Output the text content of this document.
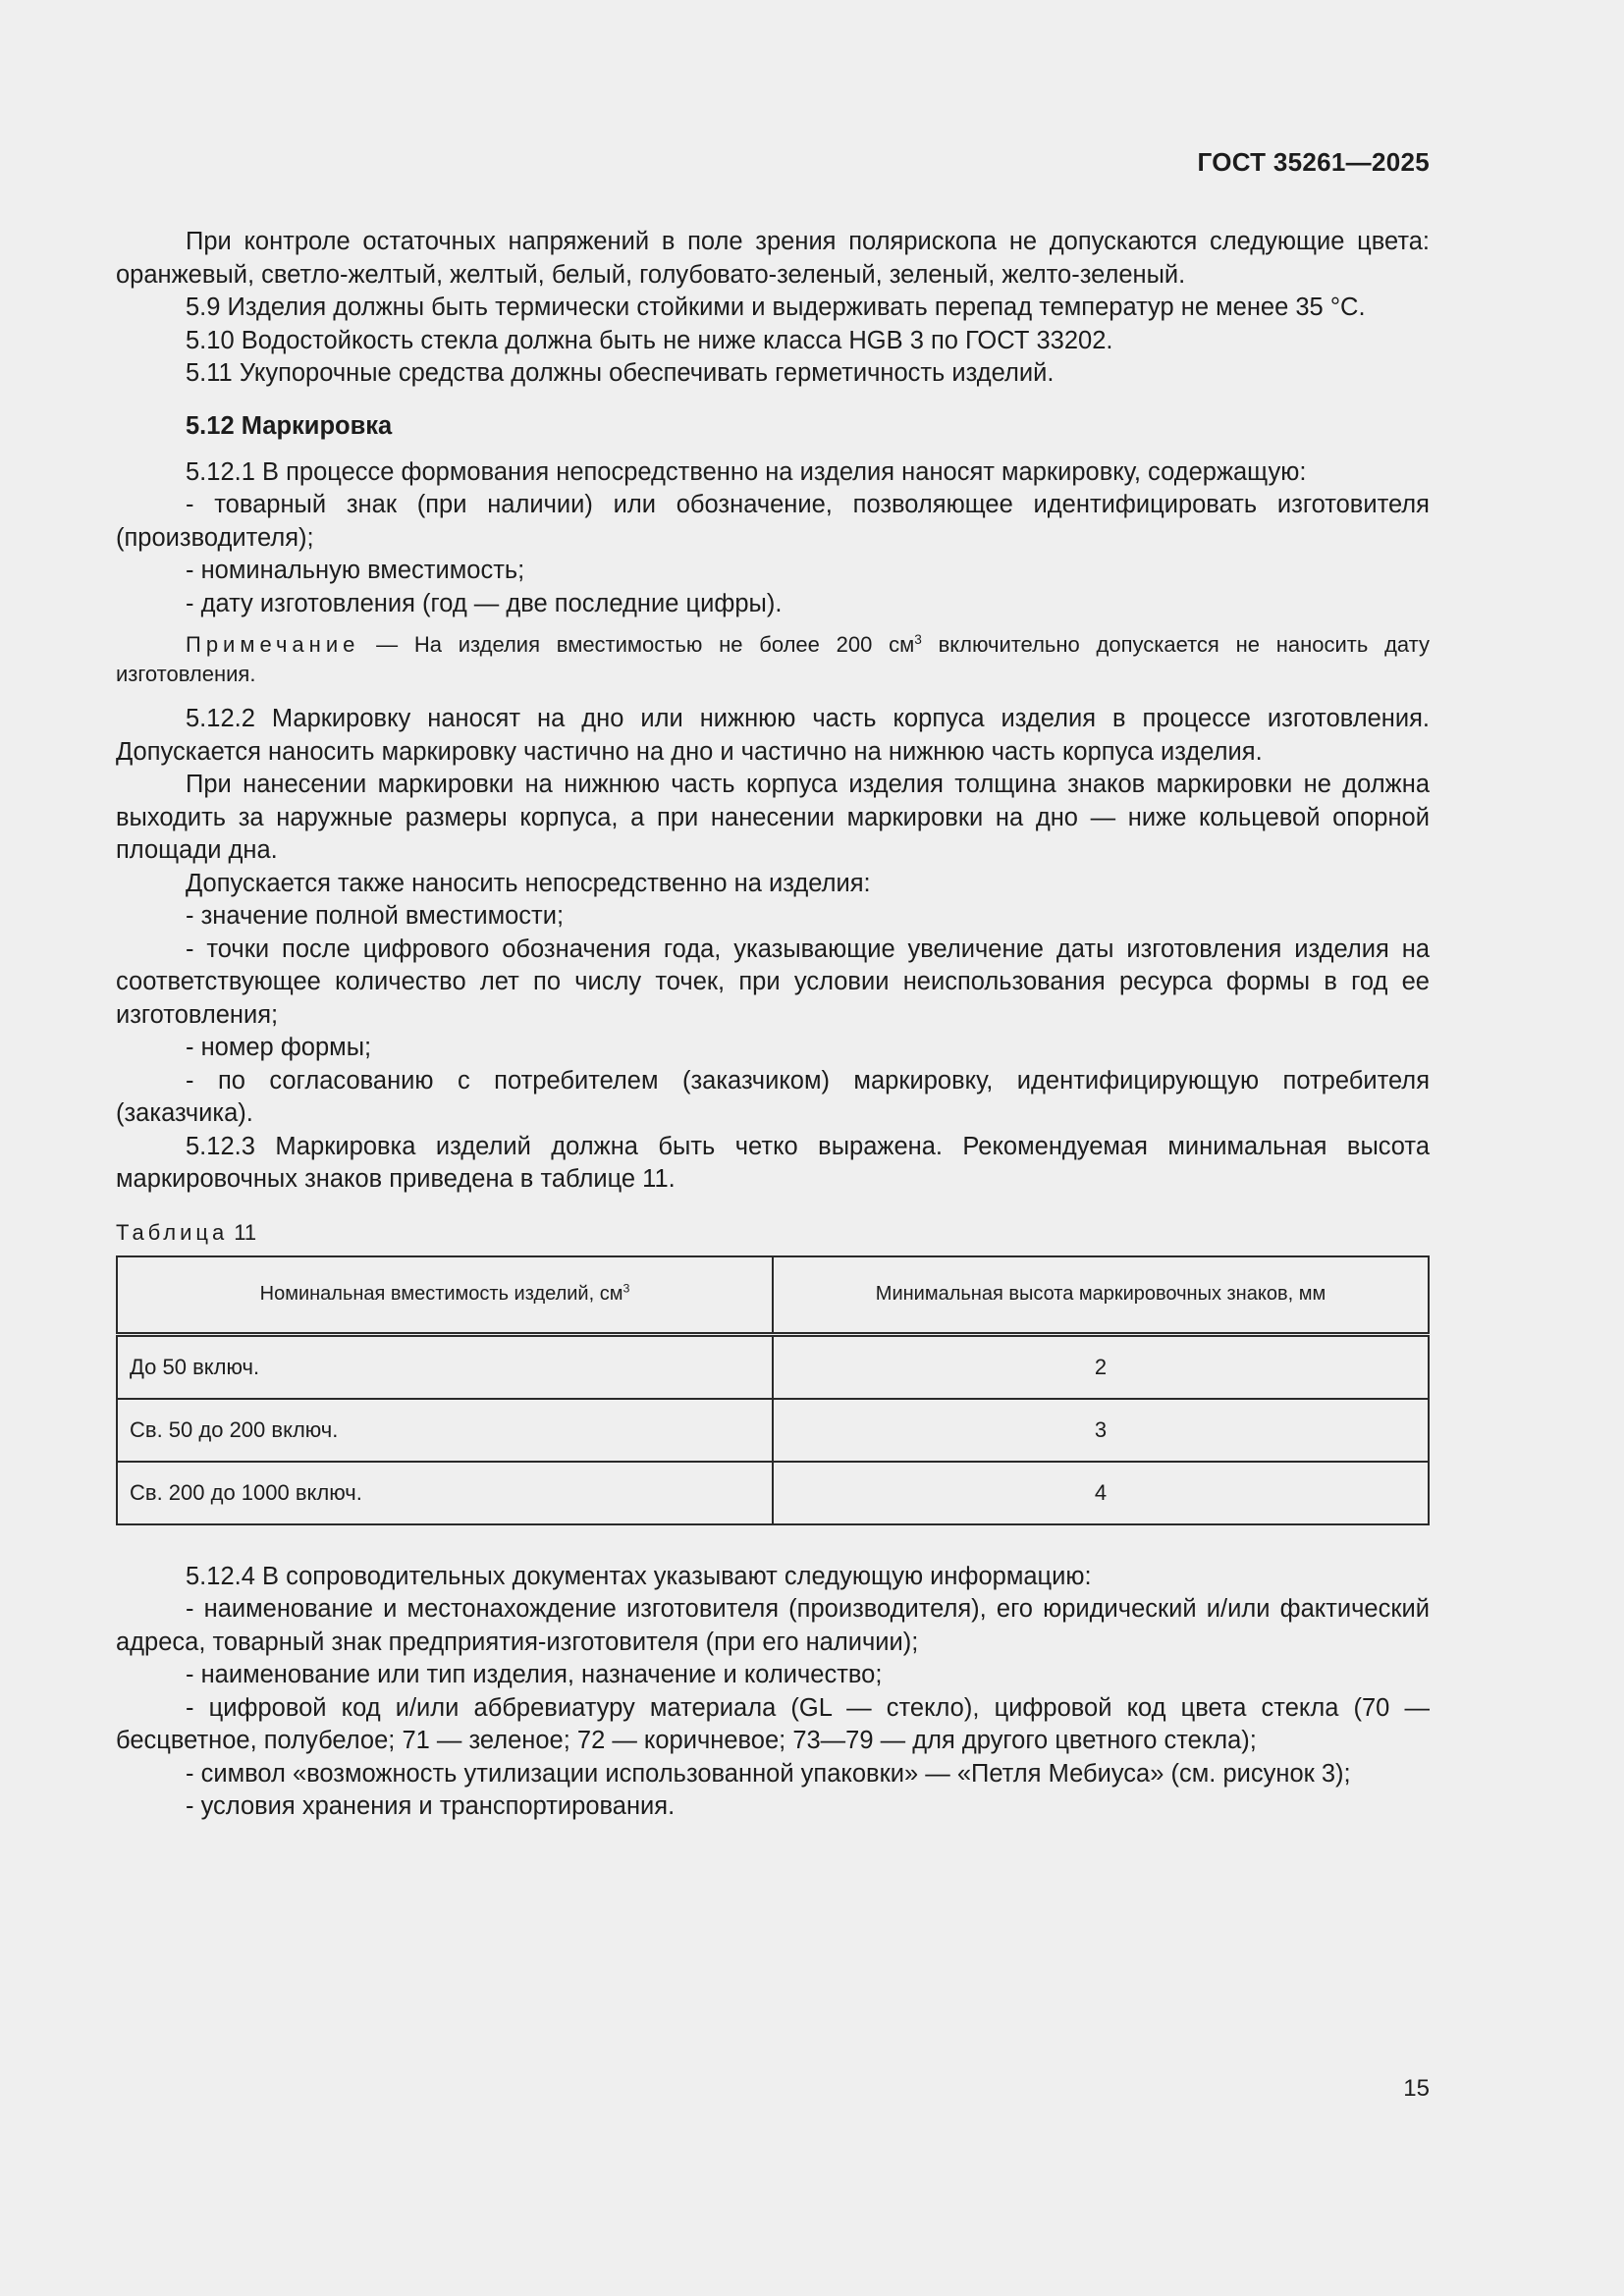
ГОСТ 35261—2025

При контроле остаточных напряжений в поле зрения полярископа не допускаются следующие цвета: оранжевый, светло-желтый, желтый, белый, голубовато-зеленый, зеленый, желто-зеленый.

5.9 Изделия должны быть термически стойкими и выдерживать перепад температур не менее 35 °С.

5.10 Водостойкость стекла должна быть не ниже класса HGB 3 по ГОСТ 33202.

5.11 Укупорочные средства должны обеспечивать герметичность изделий.

5.12 Маркировка

5.12.1 В процессе формования непосредственно на изделия наносят маркировку, содержащую:

- товарный знак (при наличии) или обозначение, позволяющее идентифицировать изготовителя (производителя);

- номинальную вместимость;

- дату изготовления (год — две последние цифры).

Примечание — На изделия вместимостью не более 200 $см^3$ включительно допускается не наносить дату изготовления.

5.12.2 Маркировку наносят на дно или нижнюю часть корпуса изделия в процессе изготовления. Допускается наносить маркировку частично на дно и частично на нижнюю часть корпуса изделия.

При нанесении маркировки на нижнюю часть корпуса изделия толщина знаков маркировки не должна выходить за наружные размеры корпуса, а при нанесении маркировки на дно — ниже кольцевой опорной площади дна.

Допускается также наносить непосредственно на изделия:

- значение полной вместимости;

- точки после цифрового обозначения года, указывающие увеличение даты изготовления изделия на соответствующее количество лет по числу точек, при условии неиспользования ресурса формы в год ее изготовления;

- номер формы;

- по согласованию с потребителем (заказчиком) маркировку, идентифицирующую потребителя (заказчика).

5.12.3 Маркировка изделий должна быть четко выражена. Рекомендуемая минимальная высота маркировочных знаков приведена в таблице 11.

Таблица 11
Номинальная вместимость изделий, $см^3$	Минимальная высота маркировочных знаков, мм
До 50 включ.	2
Св. 50 до 200 включ.	3
Св. 200 до 1000 включ.	4

5.12.4 В сопроводительных документах указывают следующую информацию:

- наименование и местонахождение изготовителя (производителя), его юридический и/или фактический адреса, товарный знак предприятия-изготовителя (при его наличии);

- наименование или тип изделия, назначение и количество;

- цифровой код и/или аббревиатуру материала (GL — стекло), цифровой код цвета стекла (70 — бесцветное, полубелое; 71 — зеленое; 72 — коричневое; 73—79 — для другого цветного стекла);

- символ «возможность утилизации использованной упаковки» — «Петля Мебиуса» (см. рисунок 3);

- условия хранения и транспортирования.

15
